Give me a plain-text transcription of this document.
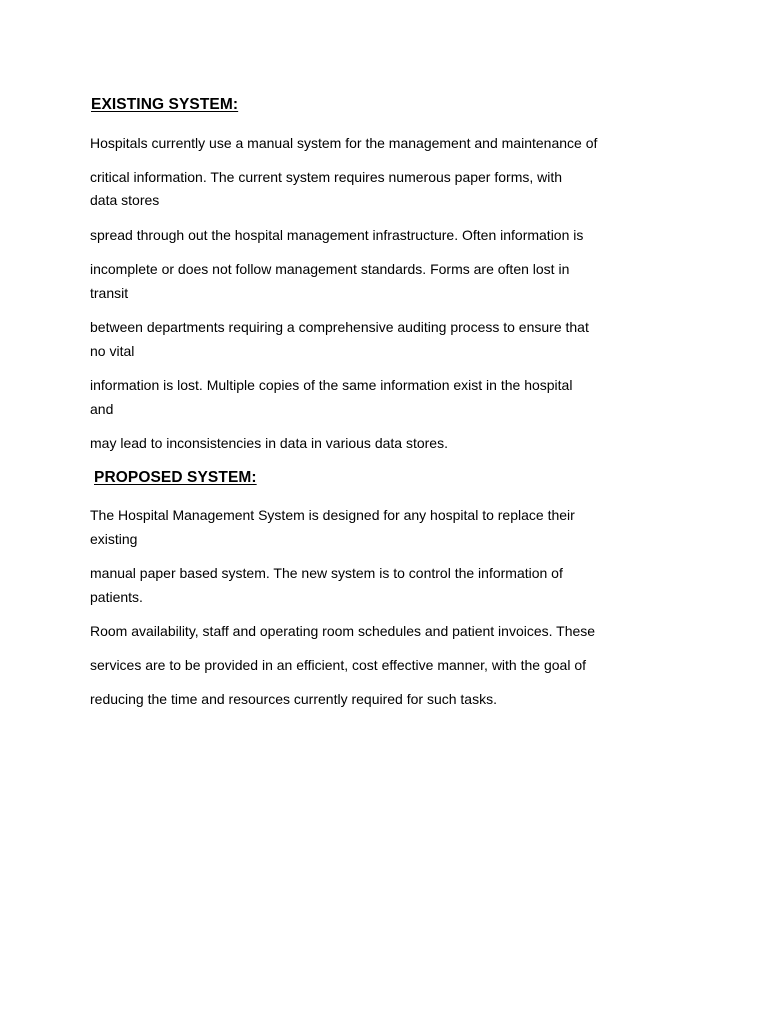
EXISTING SYSTEM:

Hospitals currently use a manual system for the management and maintenance of

critical information. The current system requires numerous paper forms, with

data stores

spread through out the hospital management infrastructure. Often information is

incomplete or does not follow management standards. Forms are often lost in

transit

between departments requiring a comprehensive auditing process to ensure that

no vital

information is lost. Multiple copies of the same information exist in the hospital

and

may lead to inconsistencies in data in various data stores.

PROPOSED SYSTEM:

The Hospital Management System is designed for any hospital to replace their

existing

manual paper based system. The new system is to control the information of

patients.

Room availability, staff and operating room schedules and patient invoices. These

services are to be provided in an efficient, cost effective manner, with the goal of

reducing the time and resources currently required for such tasks.
